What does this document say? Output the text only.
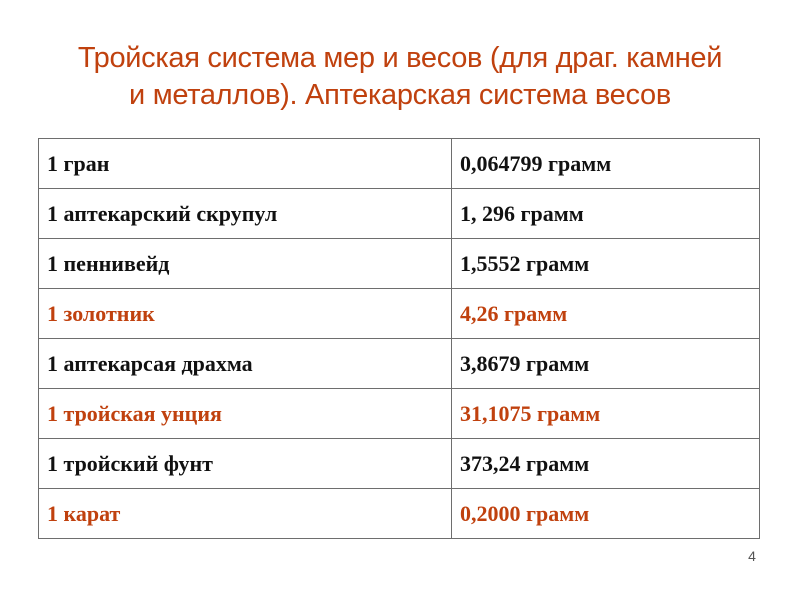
Тройская система мер и весов (для драг. камней
и металлов). Аптекарская система весов
1 гран	0,064799 грамм
1 аптекарский скрупул	1, 296 грамм
1 пеннивейд	1,5552 грамм
1 золотник	4,26 грамм
1 аптекарсая драхма	3,8679 грамм
1 тройская унция	31,1075 грамм
1 тройский фунт	373,24 грамм
1 карат	0,2000 грамм
4
